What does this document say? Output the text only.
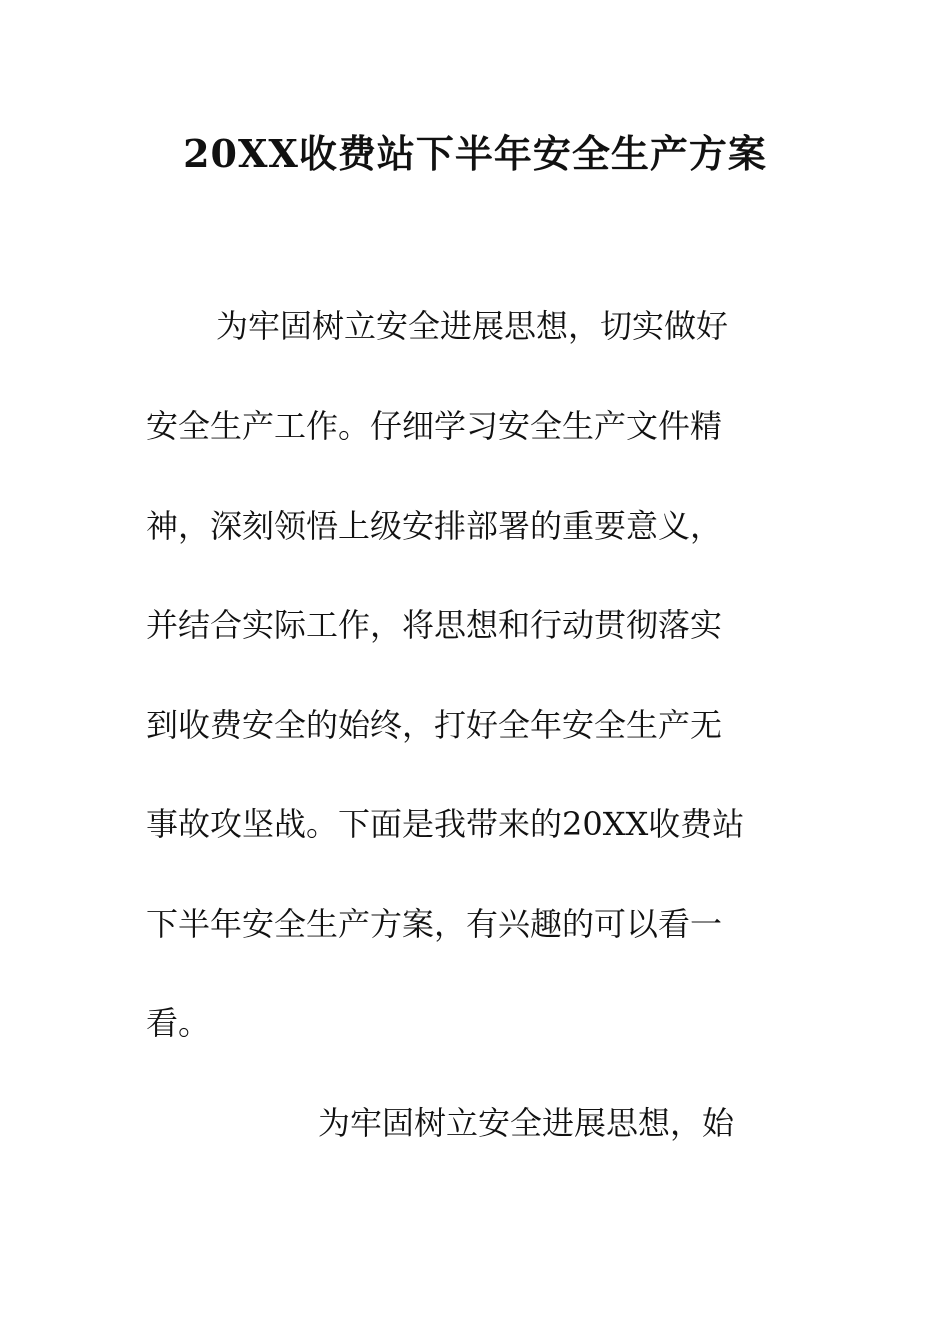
20XX收费站下半年安全生产方案

为牢固树立安全进展思想，切实做好

安全生产工作。仔细学习安全生产文件精

神，深刻领悟上级安排部署的重要意义，

并结合实际工作，将思想和行动贯彻落实

到收费安全的始终，打好全年安全生产无

事故攻坚战。下面是我带来的20XX收费站

下半年安全生产方案，有兴趣的可以看一

看。

为牢固树立安全进展思想，始
